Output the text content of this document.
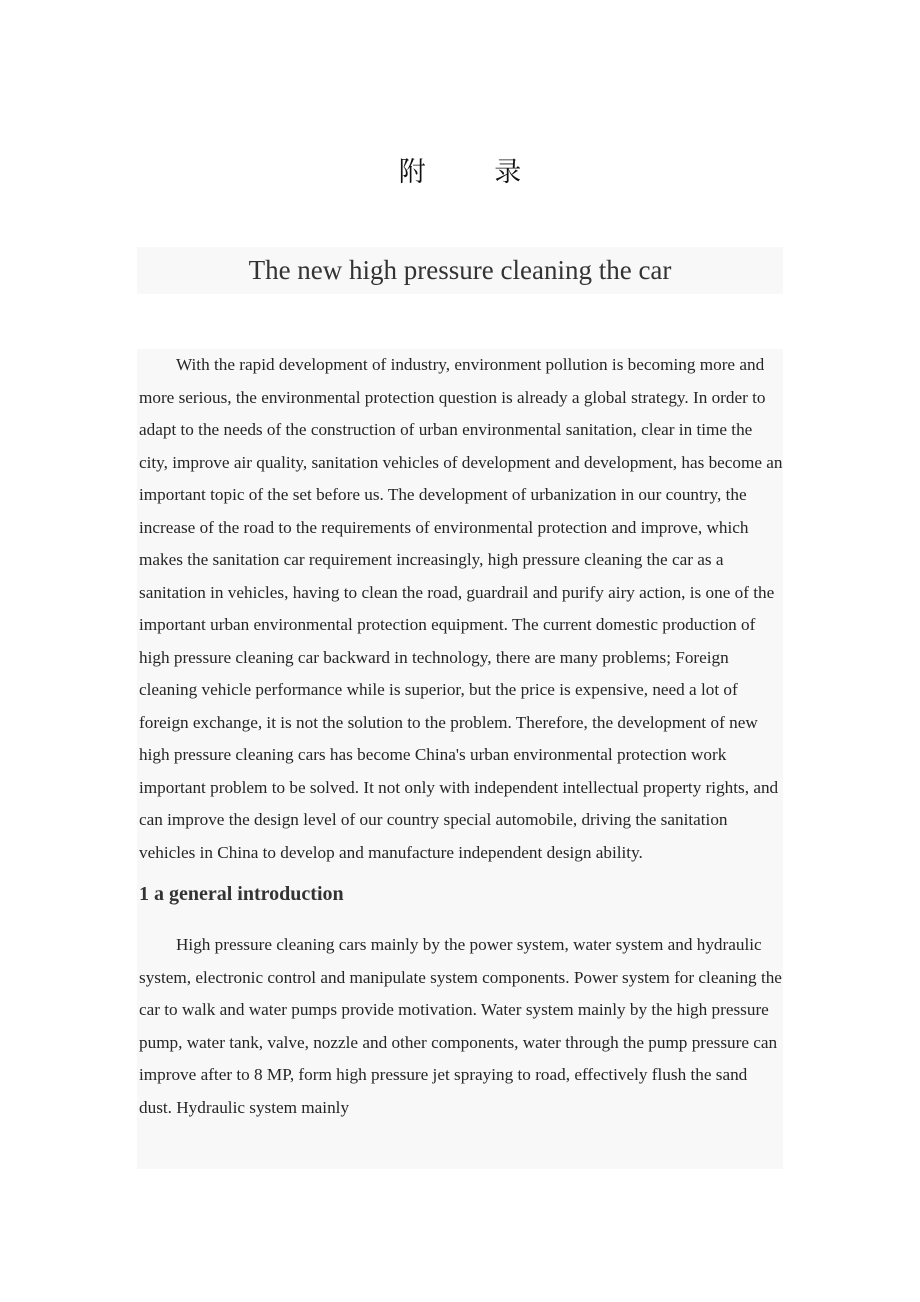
附 录
The new high pressure cleaning the car

With the rapid development of industry, environment pollution is becoming more and more serious, the environmental protection question is already a global strategy. In order to adapt to the needs of the construction of urban environmental sanitation, clear in time the city, improve air quality, sanitation vehicles of development and development, has become an important topic of the set before us. The development of urbanization in our country, the increase of the road to the requirements of environmental protection and improve, which makes the sanitation car requirement increasingly, high pressure cleaning the car as a sanitation in vehicles, having to clean the road, guardrail and purify airy action, is one of the important urban environmental protection equipment. The current domestic production of high pressure cleaning car backward in technology, there are many problems; Foreign cleaning vehicle performance while is superior, but the price is expensive, need a lot of foreign exchange, it is not the solution to the problem. Therefore, the development of new high pressure cleaning cars has become China's urban environmental protection work important problem to be solved. It not only with independent intellectual property rights, and can improve the design level of our country special automobile, driving the sanitation vehicles in China to develop and manufacture independent design ability.

1 a general introduction

High pressure cleaning cars mainly by the power system, water system and hydraulic system, electronic control and manipulate system components. Power system for cleaning the car to walk and water pumps provide motivation. Water system mainly by the high pressure pump, water tank, valve, nozzle and other components, water through the pump pressure can improve after to 8 MP, form high pressure jet spraying to road, effectively flush the sand dust. Hydraulic system mainly
